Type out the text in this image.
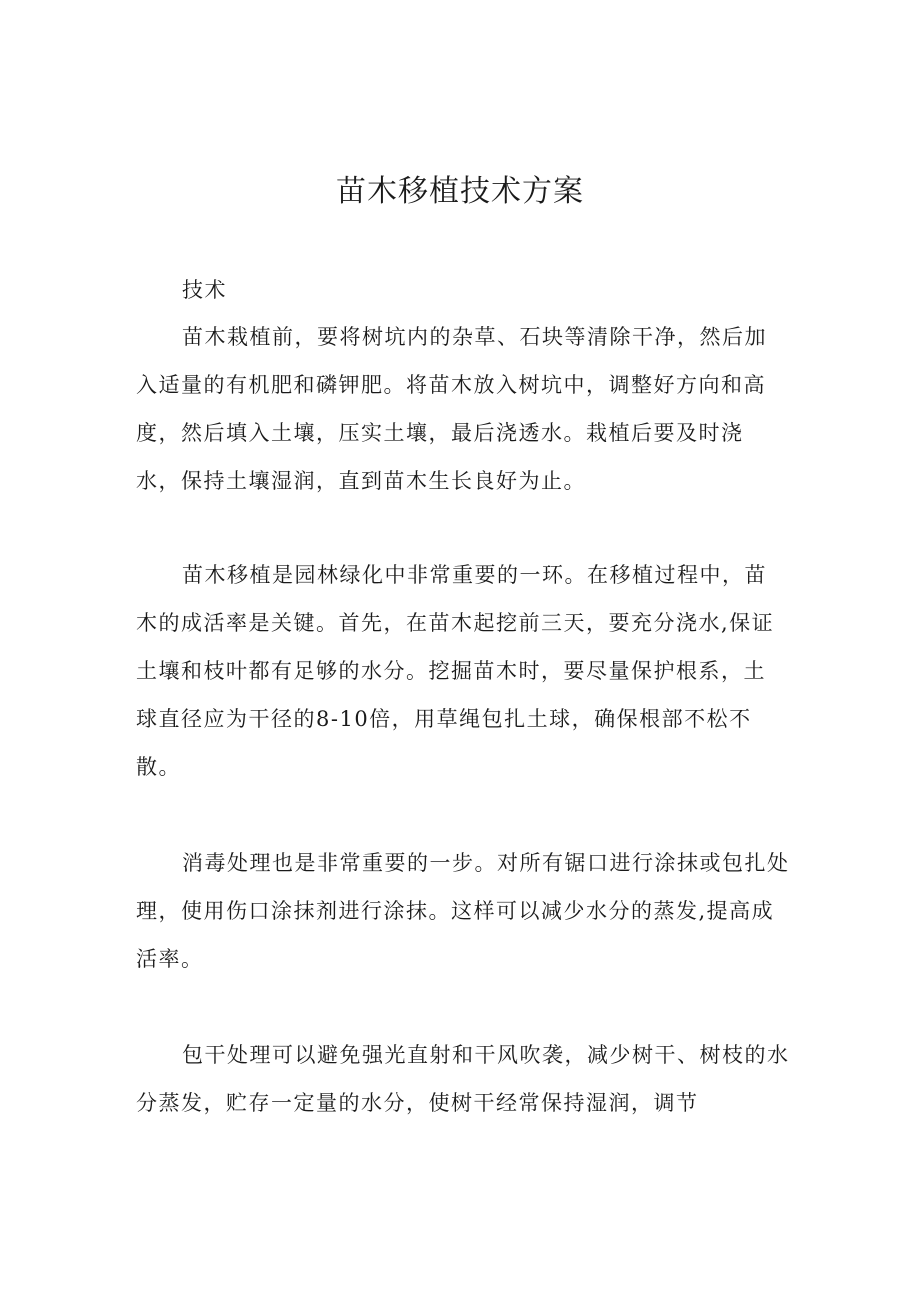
苗木移植技术方案
技术
苗木栽植前，要将树坑内的杂草、石块等清除干净，然后加
入适量的有机肥和磷钾肥。将苗木放入树坑中，调整好方向和高
度，然后填入土壤，压实土壤，最后浇透水。栽植后要及时浇
水，保持土壤湿润，直到苗木生长良好为止。
苗木移植是园林绿化中非常重要的一环。在移植过程中，苗
木的成活率是关键。首先，在苗木起挖前三天，要充分浇水,保证
土壤和枝叶都有足够的水分。挖掘苗木时，要尽量保护根系，土
球直径应为干径的8-10倍，用草绳包扎土球，确保根部不松不
散。
消毒处理也是非常重要的一步。对所有锯口进行涂抹或包扎处
理，使用伤口涂抹剂进行涂抹。这样可以减少水分的蒸发,提高成
活率。
包干处理可以避免强光直射和干风吹袭，减少树干、树枝的水
分蒸发，贮存一定量的水分，使树干经常保持湿润，调节
